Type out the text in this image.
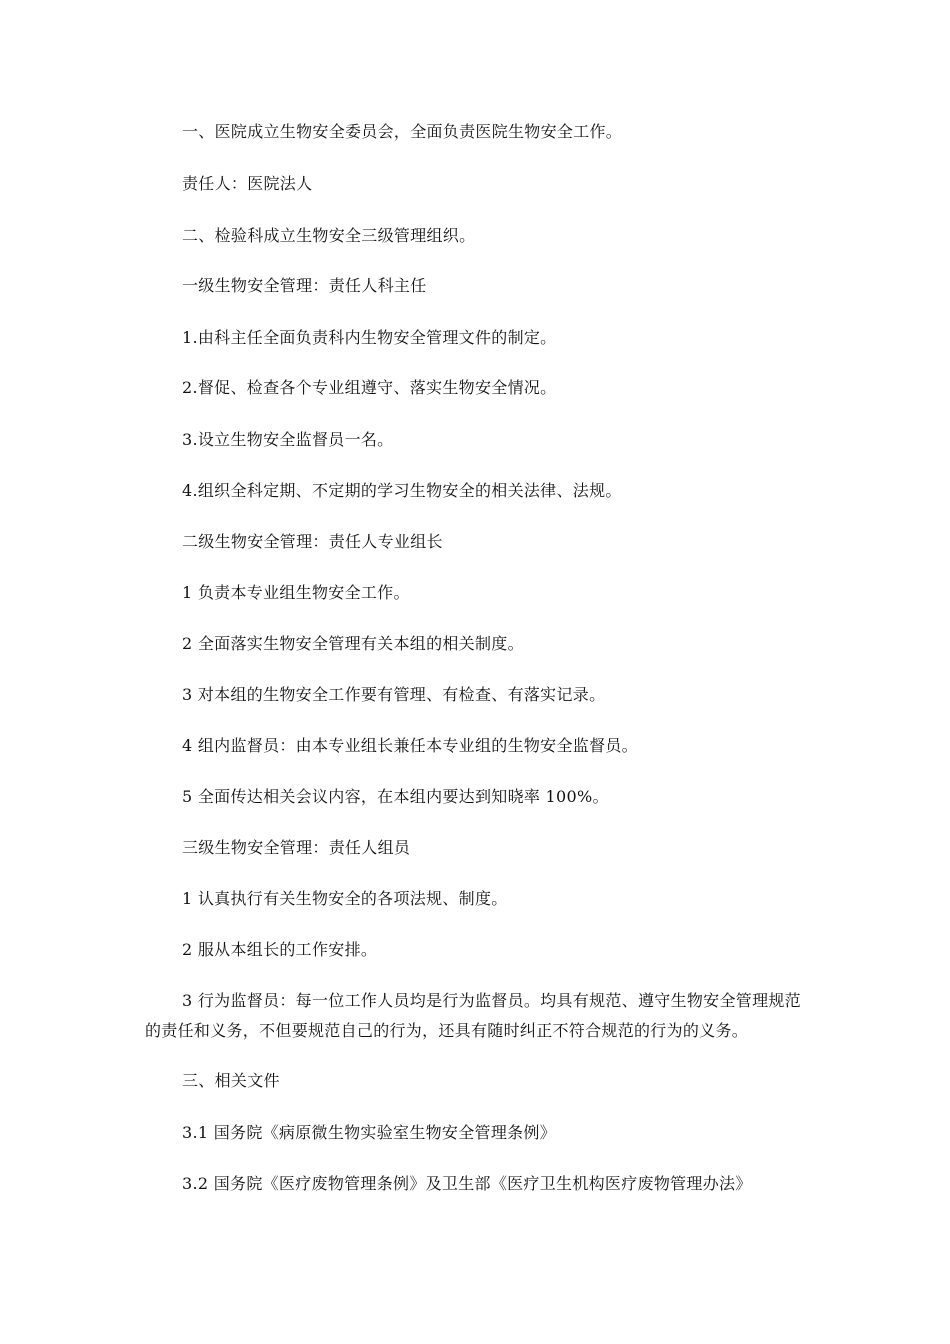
一、医院成立生物安全委员会，全面负责医院生物安全工作。
责任人：医院法人
二、检验科成立生物安全三级管理组织。
一级生物安全管理：责任人科主任
1.由科主任全面负责科内生物安全管理文件的制定。
2.督促、检查各个专业组遵守、落实生物安全情况。
3.设立生物安全监督员一名。
4.组织全科定期、不定期的学习生物安全的相关法律、法规。
二级生物安全管理：责任人专业组长
1 负责本专业组生物安全工作。
2 全面落实生物安全管理有关本组的相关制度。
3 对本组的生物安全工作要有管理、有检查、有落实记录。
4 组内监督员：由本专业组长兼任本专业组的生物安全监督员。
5 全面传达相关会议内容，在本组内要达到知晓率 100%。
三级生物安全管理：责任人组员
1 认真执行有关生物安全的各项法规、制度。
2 服从本组长的工作安排。
3 行为监督员：每一位工作人员均是行为监督员。均具有规范、遵守生物安全管理规范
的责任和义务，不但要规范自己的行为，还具有随时纠正不符合规范的行为的义务。
三、相关文件
3.1 国务院《病原微生物实验室生物安全管理条例》
3.2 国务院《医疗废物管理条例》及卫生部《医疗卫生机构医疗废物管理办法》
